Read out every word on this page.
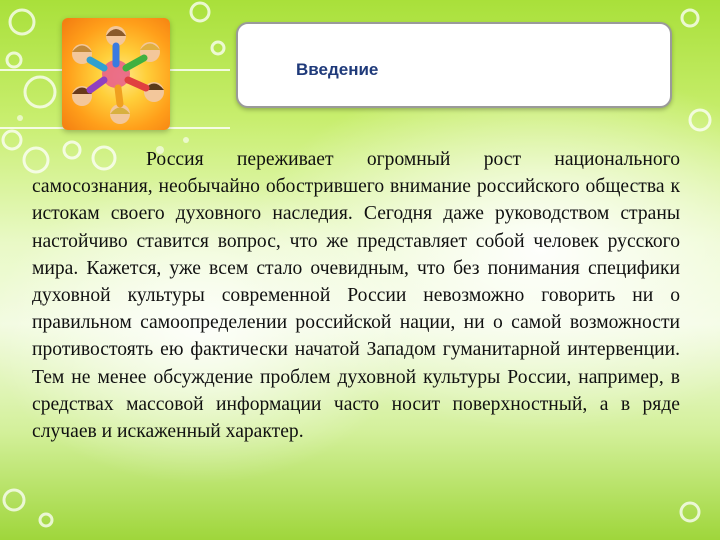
Введение

Россия переживает огромный рост национального самосознания, необычайно обострившего внимание российского общества к истокам своего духовного наследия. Сегодня даже руководством страны настойчиво ставится вопрос, что же представляет собой человек русского мира. Кажется, уже всем стало очевидным, что без понимания специфики духовной культуры современной России невозможно говорить ни о правильном самоопределении российской нации, ни о самой возможности противостоять ею фактически начатой Западом гуманитарной интервенции. Тем не менее обсуждение проблем духовной культуры России, например, в средствах массовой информации часто носит поверхностный, а в ряде случаев и искаженный характер.
